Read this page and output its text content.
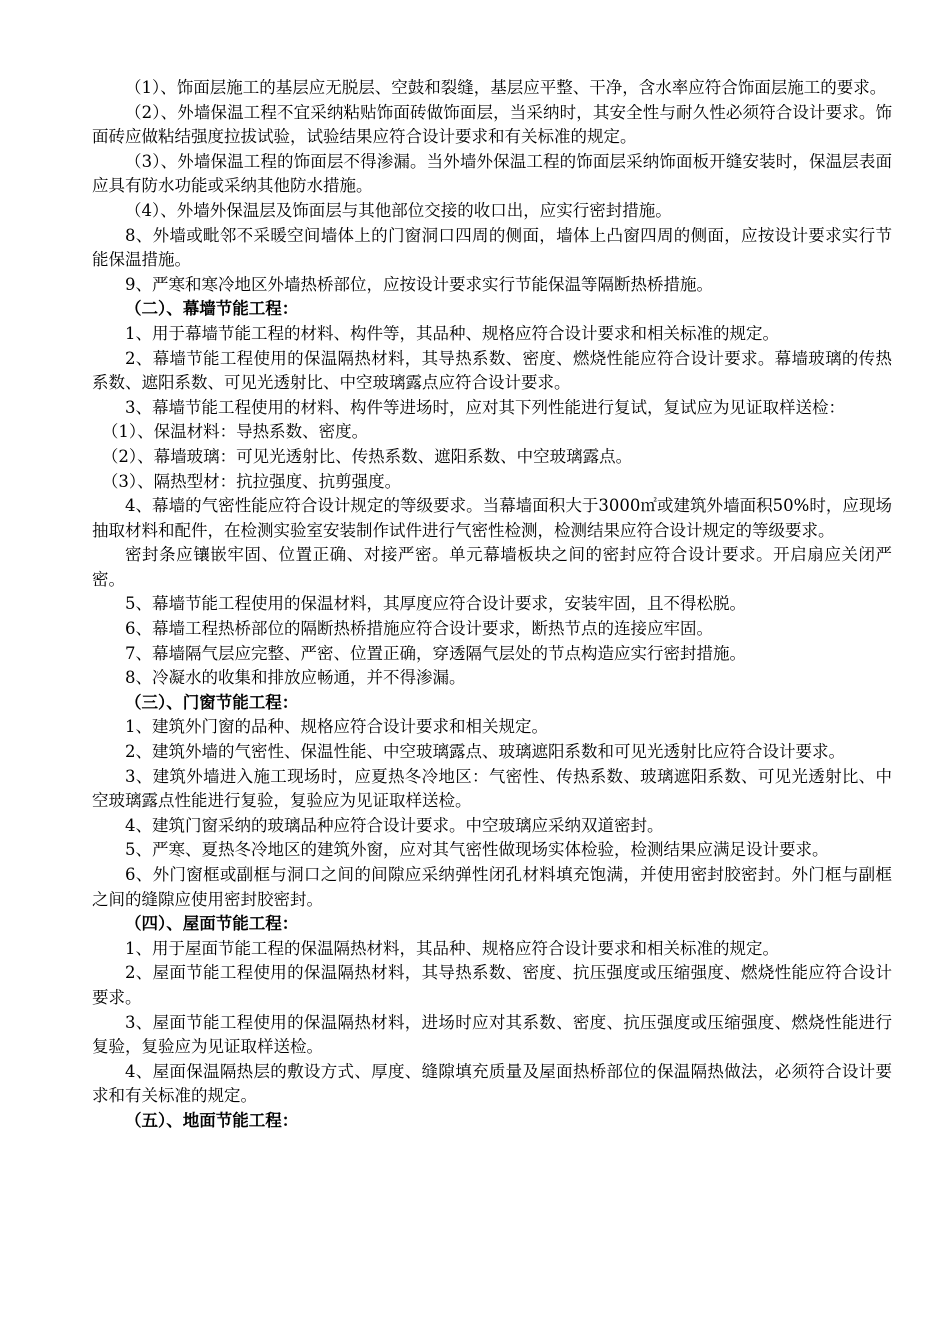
（1）、饰面层施工的基层应无脱层、空鼓和裂缝，基层应平整、干净，含水率应符合饰面层施工的要求。

（2）、外墙保温工程不宜采纳粘贴饰面砖做饰面层，当采纳时，其安全性与耐久性必须符合设计要求。饰面砖应做粘结强度拉拔试验，试验结果应符合设计要求和有关标准的规定。

（3）、外墙保温工程的饰面层不得渗漏。当外墙外保温工程的饰面层采纳饰面板开缝安装时，保温层表面应具有防水功能或采纳其他防水措施。

（4）、外墙外保温层及饰面层与其他部位交接的收口出，应实行密封措施。

8、外墙或毗邻不采暖空间墙体上的门窗洞口四周的侧面，墙体上凸窗四周的侧面，应按设计要求实行节能保温措施。

9、严寒和寒冷地区外墙热桥部位，应按设计要求实行节能保温等隔断热桥措施。

（二）、幕墙节能工程：

1、用于幕墙节能工程的材料、构件等，其品种、规格应符合设计要求和相关标准的规定。

2、幕墙节能工程使用的保温隔热材料，其导热系数、密度、燃烧性能应符合设计要求。幕墙玻璃的传热系数、遮阳系数、可见光透射比、中空玻璃露点应符合设计要求。

3、幕墙节能工程使用的材料、构件等进场时，应对其下列性能进行复试，复试应为见证取样送检：

（1）、保温材料：导热系数、密度。

（2）、幕墙玻璃：可见光透射比、传热系数、遮阳系数、中空玻璃露点。

（3）、隔热型材：抗拉强度、抗剪强度。

4、幕墙的气密性能应符合设计规定的等级要求。当幕墙面积大于3000㎡或建筑外墙面积50%时，应现场抽取材料和配件，在检测实验室安装制作试件进行气密性检测，检测结果应符合设计规定的等级要求。

密封条应镶嵌牢固、位置正确、对接严密。单元幕墙板块之间的密封应符合设计要求。开启扇应关闭严密。

5、幕墙节能工程使用的保温材料，其厚度应符合设计要求，安装牢固，且不得松脱。

6、幕墙工程热桥部位的隔断热桥措施应符合设计要求，断热节点的连接应牢固。

7、幕墙隔气层应完整、严密、位置正确，穿透隔气层处的节点构造应实行密封措施。

8、冷凝水的收集和排放应畅通，并不得渗漏。

（三）、门窗节能工程：

1、建筑外门窗的品种、规格应符合设计要求和相关规定。

2、建筑外墙的气密性、保温性能、中空玻璃露点、玻璃遮阳系数和可见光透射比应符合设计要求。

3、建筑外墙进入施工现场时，应夏热冬冷地区：气密性、传热系数、玻璃遮阳系数、可见光透射比、中空玻璃露点性能进行复验，复验应为见证取样送检。

4、建筑门窗采纳的玻璃品种应符合设计要求。中空玻璃应采纳双道密封。

5、严寒、夏热冬冷地区的建筑外窗，应对其气密性做现场实体检验，检测结果应满足设计要求。

6、外门窗框或副框与洞口之间的间隙应采纳弹性闭孔材料填充饱满，并使用密封胶密封。外门框与副框之间的缝隙应使用密封胶密封。

（四）、屋面节能工程：

1、用于屋面节能工程的保温隔热材料，其品种、规格应符合设计要求和相关标准的规定。

2、屋面节能工程使用的保温隔热材料，其导热系数、密度、抗压强度或压缩强度、燃烧性能应符合设计要求。

3、屋面节能工程使用的保温隔热材料，进场时应对其系数、密度、抗压强度或压缩强度、燃烧性能进行复验，复验应为见证取样送检。

4、屋面保温隔热层的敷设方式、厚度、缝隙填充质量及屋面热桥部位的保温隔热做法，必须符合设计要求和有关标准的规定。

（五）、地面节能工程：
